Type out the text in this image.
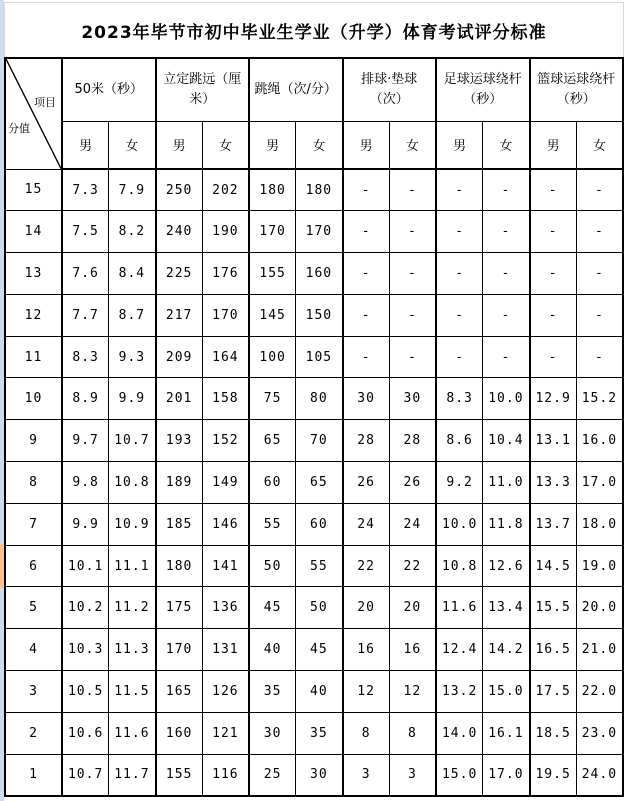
2023年毕节市初中毕业生学业（升学）体育考试评分标准
项目
分值	50米（秒）		立定跳远（厘米）		跳绳（次/分）		排球·垫球（次）		足球运球绕杆（秒）		篮球运球绕杆（秒）	
	男	女	男	女	男	女	男	女	男	女	男	女
15	7.3	7.9	250	202	180	180	-	-	-	-	-	-
14	7.5	8.2	240	190	170	170	-	-	-	-	-	-
13	7.6	8.4	225	176	155	160	-	-	-	-	-	-
12	7.7	8.7	217	170	145	150	-	-	-	-	-	-
11	8.3	9.3	209	164	100	105	-	-	-	-	-	-
10	8.9	9.9	201	158	75	80	30	30	8.3	10.0	12.9	15.2
9	9.7	10.7	193	152	65	70	28	28	8.6	10.4	13.1	16.0
8	9.8	10.8	189	149	60	65	26	26	9.2	11.0	13.3	17.0
7	9.9	10.9	185	146	55	60	24	24	10.0	11.8	13.7	18.0
6	10.1	11.1	180	141	50	55	22	22	10.8	12.6	14.5	19.0
5	10.2	11.2	175	136	45	50	20	20	11.6	13.4	15.5	20.0
4	10.3	11.3	170	131	40	45	16	16	12.4	14.2	16.5	21.0
3	10.5	11.5	165	126	35	40	12	12	13.2	15.0	17.5	22.0
2	10.6	11.6	160	121	30	35	8	8	14.0	16.1	18.5	23.0
1	10.7	11.7	155	116	25	30	3	3	15.0	17.0	19.5	24.0
